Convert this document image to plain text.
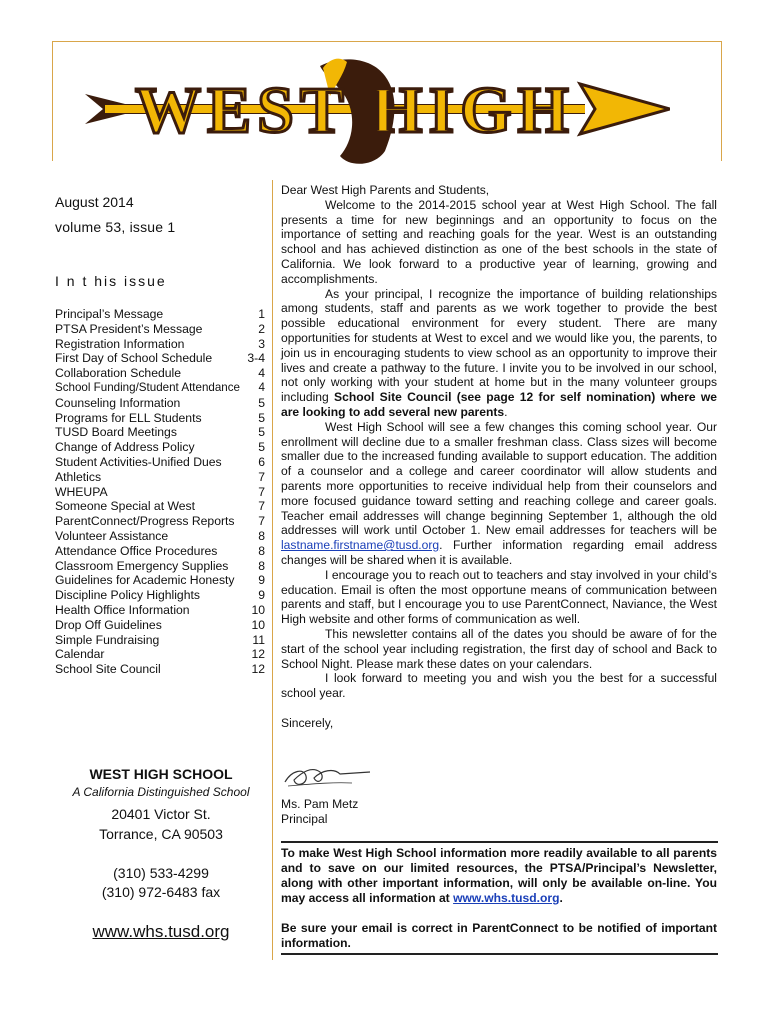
WEST HIGH
August 2014
volume 53, issue 1
I n t his issue
Principal’s Message	1
PTSA President’s Message	2
Registration Information	3
First Day of School Schedule	3-4
Collaboration Schedule	4
School Funding/Student Attendance 4
Counseling Information	5
Programs for ELL Students	5
TUSD Board Meetings	5
Change of Address Policy	5
Student Activities-Unified Dues	6
Athletics	7
WHEUPA	7
Someone Special at West	7
ParentConnect/Progress Reports 7
Volunteer Assistance	8
Attendance Office Procedures	8
Classroom Emergency Supplies 8
Guidelines for Academic Honesty 9
Discipline Policy Highlights	9
Health Office Information	10
Drop Off Guidelines	10
Simple Fundraising	11
Calendar	12
School Site Council	12
WEST HIGH SCHOOL
A California Distinguished School
20401 Victor St.
Torrance, CA 90503
(310) 533-4299
(310) 972-6483 fax
www.whs.tusd.org

Dear West High Parents and Students,

Welcome to the 2014-2015 school year at West High School. The fall presents a time for new beginnings and an opportunity to focus on the importance of setting and reaching goals for the year. West is an outstanding school and has achieved distinction as one of the best schools in the state of California. We look forward to a productive year of learning, growing and accomplishments.

As your principal, I recognize the importance of building relationships among students, staff and parents as we work together to provide the best possible educational environment for every student. There are many opportunities for students at West to excel and we would like you, the parents, to join us in encouraging students to view school as an opportunity to improve their lives and create a pathway to the future. I invite you to be involved in our school, not only working with your student at home but in the many volunteer groups including School Site Council (see page 12 for self nomination) where we are looking to add several new parents.

West High School will see a few changes this coming school year. Our enrollment will decline due to a smaller freshman class. Class sizes will become smaller due to the increased funding available to support education. The addition of a counselor and a college and career coordinator will allow students and parents more opportunities to receive individual help from their counselors and more focused guidance toward setting and reaching college and career goals. Teacher email addresses will change beginning September 1, although the old addresses will work until October 1. New email addresses for teachers will be lastname.firstname@tusd.org. Further information regarding email address changes will be shared when it is available.

I encourage you to reach out to teachers and stay involved in your child’s education. Email is often the most opportune means of communication between parents and staff, but I encourage you to use ParentConnect, Naviance, the West High website and other forms of communication as well.

This newsletter contains all of the dates you should be aware of for the start of the school year including registration, the first day of school and Back to School Night. Please mark these dates on your calendars.

I look forward to meeting you and wish you the best for a successful school year.

Sincerely,

Ms. Pam Metz
Principal

To make West High School information more readily available to all parents and to save on our limited resources, the PTSA/Principal’s Newsletter, along with other important information, will only be available on-line. You may access all information at www.whs.tusd.org.

Be sure your email is correct in ParentConnect to be notified of important information.
